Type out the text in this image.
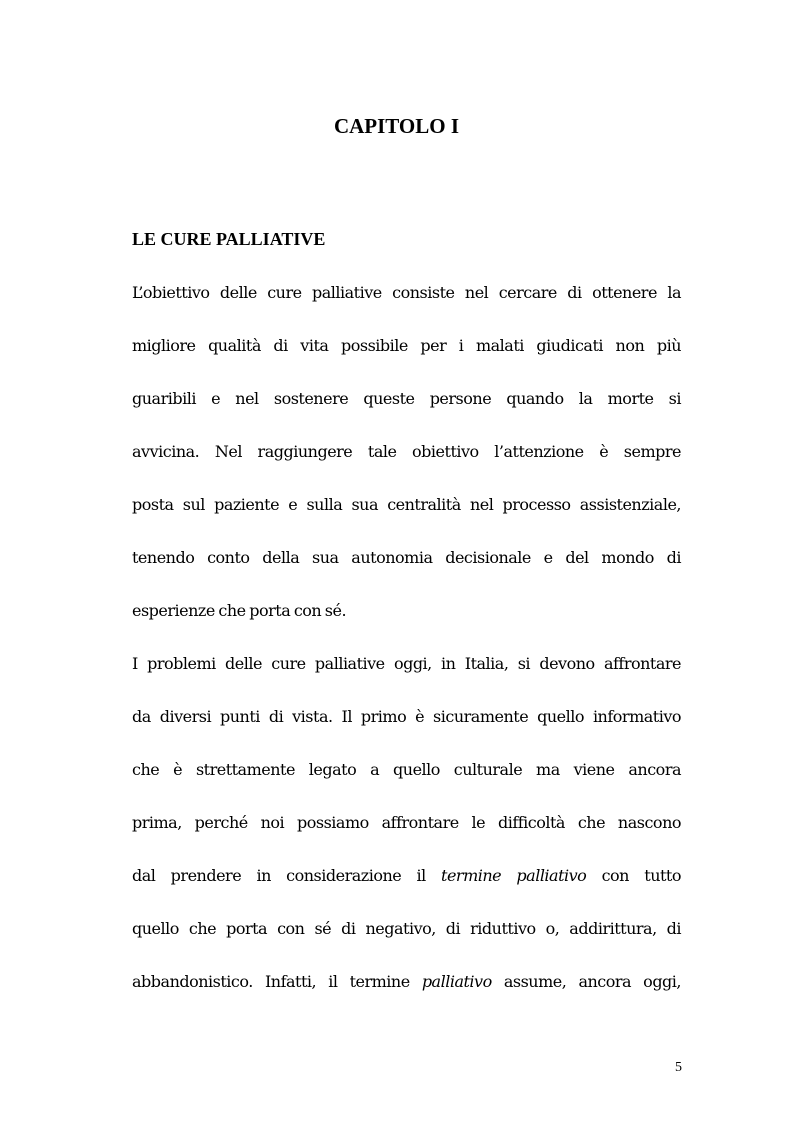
CAPITOLO I
LE CURE PALLIATIVE
L’obiettivo delle cure palliative consiste nel cercare di ottenere la
migliore qualità di vita possibile per i malati giudicati non più
guaribili e nel sostenere queste persone quando la morte si
avvicina. Nel raggiungere tale obiettivo l’attenzione è sempre
posta sul paziente e sulla sua centralità nel processo assistenziale,
tenendo conto della sua autonomia decisionale e del mondo di
esperienze che porta con sé.
I problemi delle cure palliative oggi, in Italia, si devono affrontare
da diversi punti di vista. Il primo è sicuramente quello informativo
che è strettamente legato a quello culturale ma viene ancora
prima, perché noi possiamo affrontare le difficoltà che nascono
dal prendere in considerazione il termine palliativo con tutto
quello che porta con sé di negativo, di riduttivo o, addirittura, di
abbandonistico. Infatti, il termine palliativo assume, ancora oggi,
5
